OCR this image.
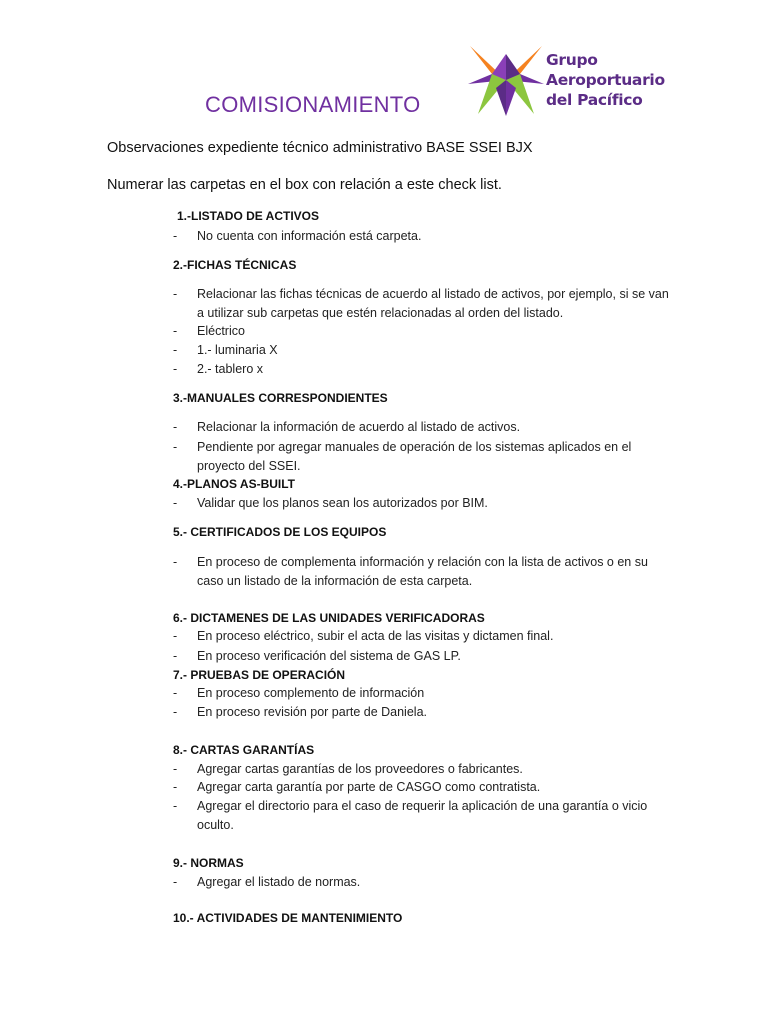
Grupo
Aeroportuario
del Pacífico
COMISIONAMIENTO

Observaciones expediente técnico administrativo BASE SSEI BJX

Numerar las carpetas en el box con relación a este check list.

1.-LISTADO DE ACTIVOS

- No cuenta con información está carpeta.

2.-FICHAS TÉCNICAS

- Relacionar las fichas técnicas de acuerdo al listado de activos, por ejemplo, si se van a utilizar sub carpetas que estén relacionadas al orden del listado.
- Eléctrico
- 1.- luminaria X
- 2.- tablero x

3.-MANUALES CORRESPONDIENTES

- Relacionar la información de acuerdo al listado de activos.
- Pendiente por agregar manuales de operación de los sistemas aplicados en el proyecto del SSEI.

4.-PLANOS AS-BUILT

- Validar que los planos sean los autorizados por BIM.

5.- CERTIFICADOS DE LOS EQUIPOS

- En proceso de complementa información y relación con la lista de activos o en su caso un listado de la información de esta carpeta.

6.- DICTAMENES DE LAS UNIDADES VERIFICADORAS

- En proceso eléctrico, subir el acta de las visitas y dictamen final.
- En proceso verificación del sistema de GAS LP.

7.- PRUEBAS DE OPERACIÓN

- En proceso complemento de información
- En proceso revisión por parte de Daniela.

8.- CARTAS GARANTÍAS

- Agregar cartas garantías de los proveedores o fabricantes.
- Agregar carta garantía por parte de CASGO como contratista.
- Agregar el directorio para el caso de requerir la aplicación de una garantía o vicio oculto.

9.- NORMAS

- Agregar el listado de normas.

10.- ACTIVIDADES DE MANTENIMIENTO
